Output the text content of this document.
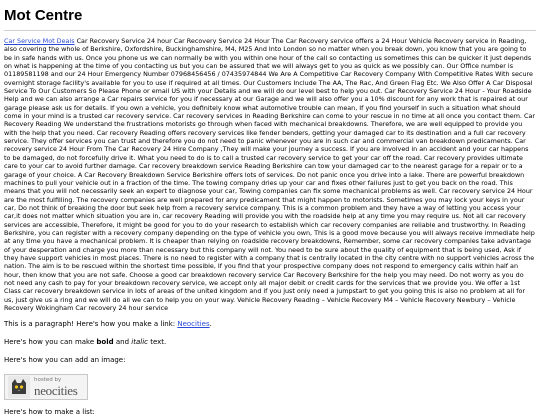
Mot Centre

Car Service Mot Deals Car Recovery Service 24 hour Car Recovery Service 24 Hour The Car Recovery service offers a 24 Hour Vehicle Recovery service in Reading, also covering the whole of Berkshire, Oxfordshire, Buckinghamshire, M4, M25 And Into London so no matter when you break down, you know that you are going to be in safe hands with us. Once you phone us we can normally be with you within one hour of the call so contacting us sometimes this can be quicker it just depends on what is happening at the time of you contacting us but you can be assured that we will always get to you as quick as we possibly can. Our Office number is 01189581198 and our 24 Hour Emergency Number 07968456456 / 07435974844 We Are A Competitive Car Recovery Company With Competitive Rates With secure overnight storage facility's available for you to use if required at all times. Our Customers Include The AA, The Rac, And Green Flag Etc. We Also Offer A Car Disposal Service To Our Customers So Please Phone or email US with your Details and we will do our level best to help you out. Car Recovery Service 24 Hour - Your Roadside Help and we can also arrange a Car repairs service for you if necessary at our Garage and we will also offer you a 10% discount for any work that is repaired at our garage please ask us for details. If you own a vehicle, you definitely know what automotive trouble can mean, If you find yourself in such a situation what should come in your mind is a trusted car recovery service. Car recovery services in Reading Berkshire can come to your rescue in no time at all once you contact them. Car Recovery Reading We understand the frustrations motorists go through when faced with mechanical breakdowns. Therefore, we are well equipped to provide you with the help that you need. Car recovery Reading offers recovery services like fender benders, getting your damaged car to its destination and a full car recovery service. They offer services you can trust and therefore you do not need to panic whenever you are in such car and commercial van breakdown predicaments. Car recovery service 24 Hour From The Car Recovery 24 Hire Company ,They will make your journey a success. If you are involved in an accident and your car happens to be damaged, do not forcefully drive it. What you need to do is to call a trusted car recovery service to get your car off the road. Car recovery provides ultimate care to your car to avoid further damage. Car recovery breakdown service Reading Berkshire can tow your damaged car to the nearest garage for a repair or to a garage of your choice. A Car Recovery Breakdown Service Berkshire offers lots of services. Do not panic once you drive into a lake. There are powerful breakdown machines to pull your vehicle out in a fraction of the time. The towing company dries up your car and fixes other failures just to get you back on the road. This means that you will not necessarily seek an expert to diagnose your car, Towing companies can fix some mechanical problems as well. Car recovery service 24 Hour are the most fulfilling. The recovery companies are well prepared for any predicament that might happen to motorists. Sometimes you may lock your keys in your car, Do not think of breaking the door but seek help from a recovery service company. This is a common problem and they have a way of letting you access your car,it does not matter which situation you are in, car recovery Reading will provide you with the roadside help at any time you may require us. Not all car recovery services are accessible, Therefore, it might be good for you to do your research to establish which car recovery companies are reliable and trustworthy. In Reading Berkshire, you can register with a recovery company depending on the type of vehicle you own, This is a good move because you will always receive immediate help at any time you have a mechanical problem. It is cheaper than relying on roadside recovery breakdowns, Remember, some car recovery companies take advantage of your desperation and charge you more than necessary but this company will not. You need to be sure about the quality of equipment that is being used, Ask if they have support vehicles in most places. There is no need to register with a company that is centrally located in the city centre with no support vehicles across the nation. The aim is to be rescued within the shortest time possible, If you find that your prospective company does not respond to emergency calls within half an hour, then know that you are not safe. Choose a good car breakdown recovery service Car Recovery Berkshire for the help you may need. Do not worry as you do not need any cash to pay for your breakdown recovery service, we accept only all major debit or credit cards for the services that we provide you. We offer a 1st Class car recovery breakdown service in lots of areas of the united kingdom and if you just only need a jumpstart to get you going this is also no problem at all for us, just give us a ring and we will do all we can to help you on your way. Vehicle Recovery Reading – Vehicle Recovery M4 – Vehicle Recovery Newbury – Vehicle Recovery Wokingham Car recovery 24 hour service

This is a paragraph! Here's how you make a link: Neocities.

Here's how you can make bold and italic text.

Here's how you can add an image:

hosted by
neocities

Here's how to make a list:
